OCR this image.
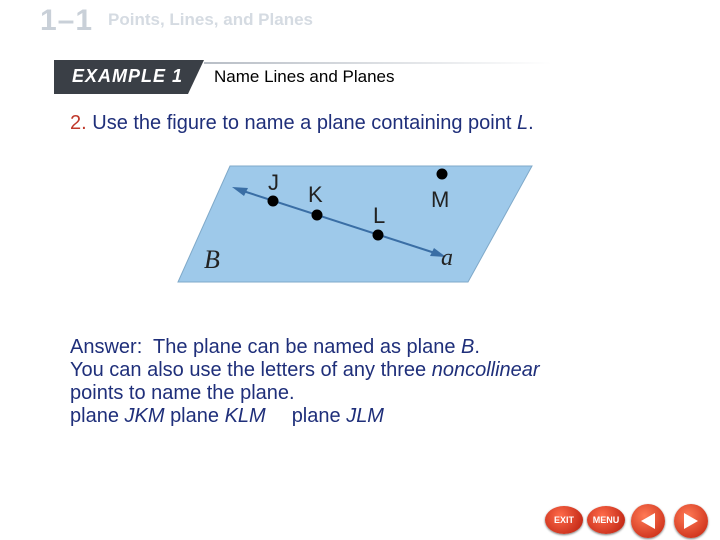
1–1 Points, Lines, and Planes
EXAMPLE 1 Name Lines and Planes
2. Use the figure to name a plane containing point L.
J K
L
M
B	a
Answer:  The plane can be named as plane B.
You can also use the letters of any three noncollinear
points to name the plane.
plane JKM plane KLM plane JLM
EXIT	MENU
